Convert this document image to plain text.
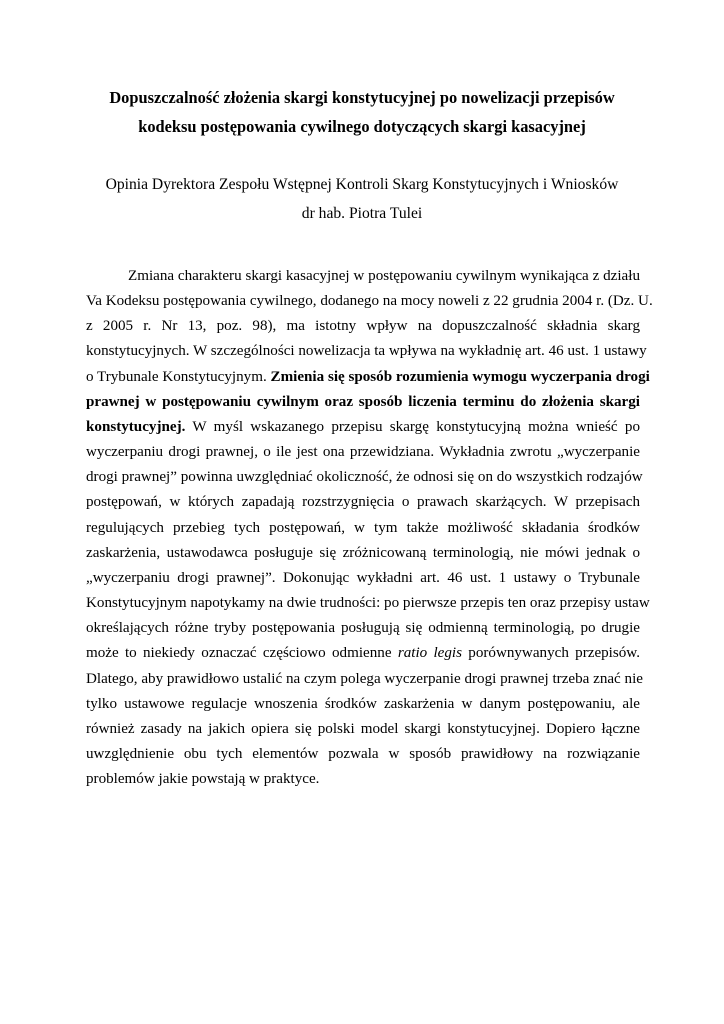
Dopuszczalność złożenia skargi konstytucyjnej po nowelizacji przepisów
kodeksu postępowania cywilnego dotyczących skargi kasacyjnej
Opinia Dyrektora Zespołu Wstępnej Kontroli Skarg Konstytucyjnych i Wniosków
dr hab. Piotra Tulei
Zmiana charakteru skargi kasacyjnej w postępowaniu cywilnym wynikająca z działu
Va Kodeksu postępowania cywilnego, dodanego na mocy noweli z 22 grudnia 2004 r. (Dz. U.
z 2005 r. Nr 13, poz. 98), ma istotny wpływ na dopuszczalność składnia skarg
konstytucyjnych. W szczególności nowelizacja ta wpływa na wykładnię art. 46 ust. 1 ustawy
o Trybunale Konstytucyjnym. Zmienia się sposób rozumienia wymogu wyczerpania drogi
prawnej w postępowaniu cywilnym oraz sposób liczenia terminu do złożenia skargi
konstytucyjnej. W myśl wskazanego przepisu skargę konstytucyjną można wnieść po
wyczerpaniu drogi prawnej, o ile jest ona przewidziana. Wykładnia zwrotu „wyczerpanie
drogi prawnej” powinna uwzględniać okoliczność, że odnosi się on do wszystkich rodzajów
postępowań, w których zapadają rozstrzygnięcia o prawach skarżących. W przepisach
regulujących przebieg tych postępowań, w tym także możliwość składania środków
zaskarżenia, ustawodawca posługuje się zróżnicowaną terminologią, nie mówi jednak o
„wyczerpaniu drogi prawnej”. Dokonując wykładni art. 46 ust. 1 ustawy o Trybunale
Konstytucyjnym napotykamy na dwie trudności: po pierwsze przepis ten oraz przepisy ustaw
określających różne tryby postępowania posługują się odmienną terminologią, po drugie
może to niekiedy oznaczać częściowo odmienne ratio legis porównywanych przepisów.
Dlatego, aby prawidłowo ustalić na czym polega wyczerpanie drogi prawnej trzeba znać nie
tylko ustawowe regulacje wnoszenia środków zaskarżenia w danym postępowaniu, ale
również zasady na jakich opiera się polski model skargi konstytucyjnej. Dopiero łączne
uwzględnienie obu tych elementów pozwala w sposób prawidłowy na rozwiązanie
problemów jakie powstają w praktyce.
